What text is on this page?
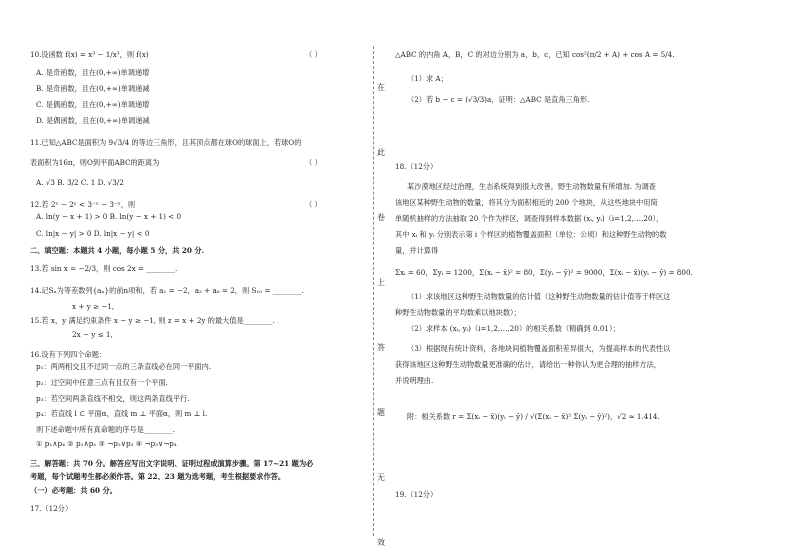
10.设函数 f(x) = x³ − 1/x³，则 f(x)	（ ）
A. 是奇函数，且在(0,+∞)单调递增
B. 是奇函数，且在(0,+∞)单调递减
C. 是偶函数，且在(0,+∞)单调递增
D. 是偶函数，且在(0,+∞)单调递减
11.已知△ABC是面积为 9√3/4 的等边三角形，且其顶点都在球O的球面上，若球O的
表面积为16π，则O到平面ABC的距离为	（ ）
A. √3 B. 3/2 C. 1 D. √3/2
12.若 2ˣ − 2ʸ < 3⁻ˣ − 3⁻ʸ，则	（ ）
A. ln(y − x + 1) > 0 B. ln(y − x + 1) < 0
C. ln|x − y| > 0 D. ln|x − y| < 0
二、填空题：本题共 4 小题，每小题 5 分，共 20 分.
13.若 sin x = −2/3，则 cos 2x = ________.
14.记Sₙ为等差数列{aₙ}的前n项和，若 a₁ = −2，a₂ + a₆ = 2，则 S₁₀ = ________.
x + y ≥ −1,
15.若 x，y 满足约束条件 x − y ≥ −1, 则 z = x + 2y 的最大值是________.
2x − y ≤ 1,
16.设有下列四个命题：
p₁：两两相交且不过同一点的三条直线必在同一平面内.
p₂：过空间中任意三点有且仅有一个平面.
p₃：若空间两条直线不相交，则这两条直线平行.
p₄：若直线 l ⊂ 平面α，直线 m ⊥ 平面α，则 m ⊥ l.
则下述命题中所有真命题的序号是________.
① p₁∧p₄ ② p₁∧p₂ ③ ¬p₂∨p₃ ④ ¬p₃∨¬p₄
三、解答题：共 70 分。解答应写出文字说明、证明过程或演算步骤。第 17~21 题为必
考题，每个试题考生都必须作答。第 22、23 题为选考题，考生根据要求作答。
（一）必考题：共 60 分。
17.（12分）
△ABC 的内角 A，B，C 的对边分别为 a，b，c，已知 cos²(π/2 + A) + cos A = 5/4.
（1）求 A；
（2）若 b − c = (√3/3)a，证明：△ABC 是直角三角形.
18.（12分）
某沙漠地区经过治理，生态系统得到很大改善，野生动物数量有所增加. 为调查
该地区某种野生动物的数量，将其分为面积相近的 200 个地块，从这些地块中用简
单随机抽样的方法抽取 20 个作为样区，调查得到样本数据 (xᵢ, yᵢ)（i=1,2,…,20），
其中 xᵢ 和 yᵢ 分别表示第 i 个样区的植物覆盖面积（单位：公顷）和这种野生动物的数
量，并计算得
Σxᵢ = 60，Σyᵢ = 1200，Σ(xᵢ − x̄)² = 80，Σ(yᵢ − ȳ)² = 9000，Σ(xᵢ − x̄)(yᵢ − ȳ) = 800.
（1）求该地区这种野生动物数量的估计值（这种野生动物数量的估计值等于样区这
种野生动物数量的平均数乘以地块数）；
（2）求样本 (xᵢ, yᵢ)（i=1,2,…,20）的相关系数（精确到 0.01）；
（3）根据现有统计资料，各地块间植物覆盖面积差异很大，为提高样本的代表性以
获得该地区这种野生动物数量更准确的估计，请给出一种你认为更合理的抽样方法，
并说明理由.
附：相关系数 r = Σ(xᵢ − x̄)(yᵢ − ȳ) / √(Σ(xᵢ − x̄)² Σ(yᵢ − ȳ)²)，√2 ≈ 1.414.
19.（12分）
在
此
卷
上
答
题
无
效
